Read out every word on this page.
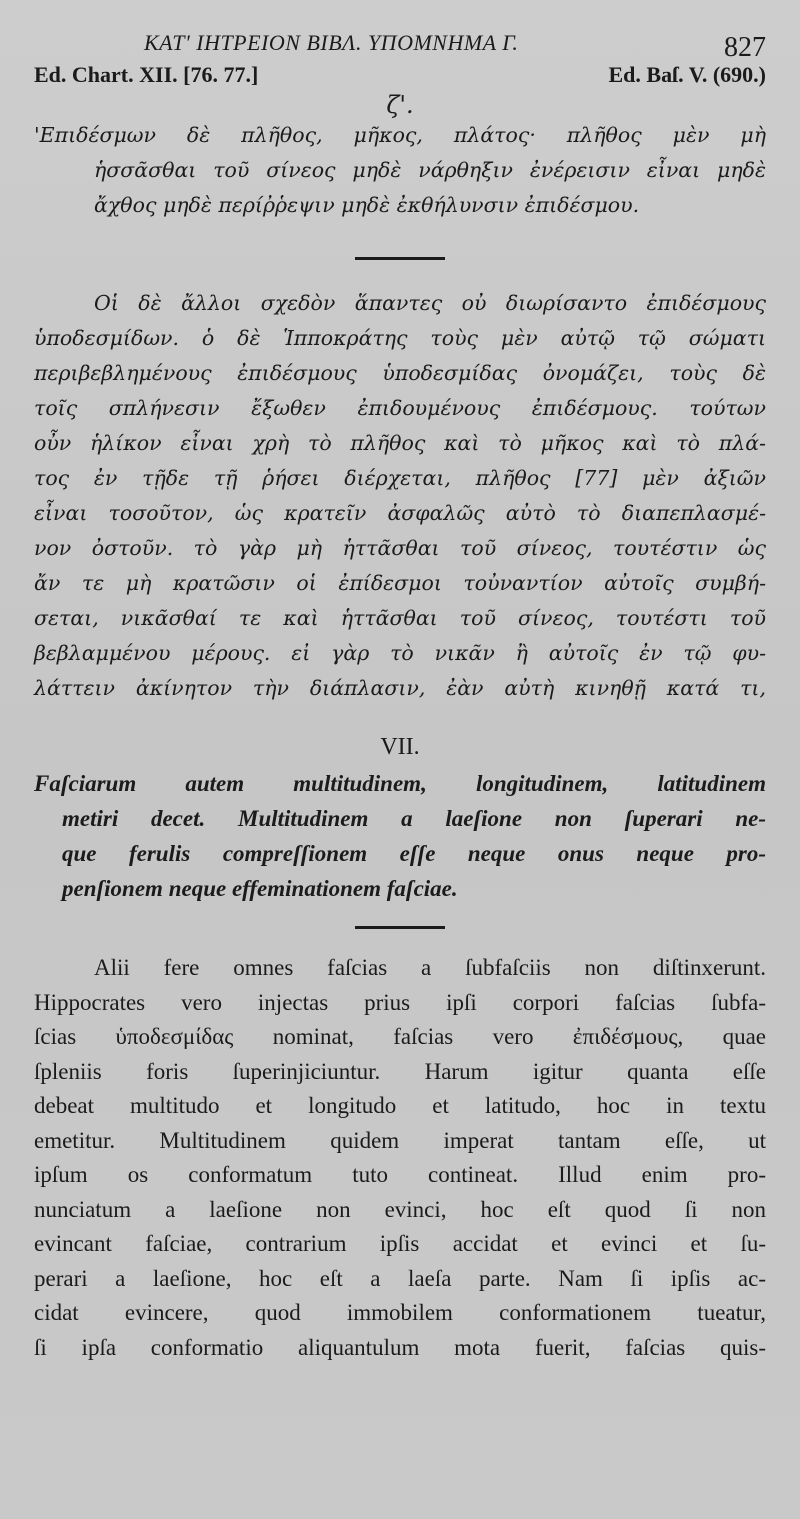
ΚΑΤ' ΙΗΤΡΕΙΟΝ ΒΙΒΛ. ΥΠΟΜΝΗΜΑ Γ.	827
Ed. Chart. XII. [76. 77.]	Ed. Baſ. V. (690.)
ζ'.
'Επιδέσμων δὲ πλῆθος, μῆκος, πλάτος· πλῆθος μὲν μὴ
ἡσσᾶσθαι τοῦ σίνεος μηδὲ νάρθηξιν ἐνέρεισιν εἶναι μηδὲ
ἄχθος μηδὲ περίῤῥεψιν μηδὲ ἐκθήλυνσιν ἐπιδέσμου.
Οἱ δὲ ἄλλοι σχεδὸν ἅπαντες οὐ διωρίσαντο ἐπιδέσμους
ὑποδεσμίδων. ὁ δὲ Ἱπποκράτης τοὺς μὲν αὐτῷ τῷ σώματι
περιβεβλημένους ἐπιδέσμους ὑποδεσμίδας ὀνομάζει, τοὺς δὲ
τοῖς σπλήνεσιν ἔξωθεν ἐπιδουμένους ἐπιδέσμους. τούτων
οὖν ἡλίκον εἶναι χρὴ τὸ πλῆθος καὶ τὸ μῆκος καὶ τὸ πλά-
τος ἐν τῇδε τῇ ῥήσει διέρχεται, πλῆθος [77] μὲν ἀξιῶν
εἶναι τοσοῦτον, ὡς κρατεῖν ἀσφαλῶς αὐτὸ τὸ διαπεπλασμέ-
νον ὀστοῦν. τὸ γὰρ μὴ ἡττᾶσθαι τοῦ σίνεος, τουτέστιν ὡς
ἄν τε μὴ κρατῶσιν οἱ ἐπίδεσμοι τοὐναντίον αὐτοῖς συμβή-
σεται, νικᾶσθαί τε καὶ ἡττᾶσθαι τοῦ σίνεος, τουτέστι τοῦ
βεβλαμμένου μέρους. εἰ γὰρ τὸ νικᾶν ἢ αὐτοῖς ἐν τῷ φυ-
λάττειν ἀκίνητον τὴν διάπλασιν, ἐὰν αὐτὴ κινηθῇ κατά τι,
VII.
Faſciarum autem multitudinem, longitudinem, latitudinem
metiri decet. Multitudinem a laeſione non ſuperari ne-
que ferulis compreſſionem eſſe neque onus neque pro-
penſionem neque effeminationem faſciae.
Alii fere omnes faſcias a ſubfaſciis non diſtinxerunt.
Hippocrates vero injectas prius ipſi corpori faſcias ſubfa-
ſcias ὑποδεσμίδας nominat, faſcias vero ἐπιδέσμους, quae
ſpleniis foris ſuperinjiciuntur. Harum igitur quanta eſſe
debeat multitudo et longitudo et latitudo, hoc in textu
emetitur. Multitudinem quidem imperat tantam eſſe, ut
ipſum os conformatum tuto contineat. Illud enim pro-
nunciatum a laeſione non evinci, hoc eſt quod ſi non
evincant faſciae, contrarium ipſis accidat et evinci et ſu-
perari a laeſione, hoc eſt a laeſa parte. Nam ſi ipſis ac-
cidat evincere, quod immobilem conformationem tueatur,
ſi ipſa conformatio aliquantulum mota fuerit, faſcias quis-
